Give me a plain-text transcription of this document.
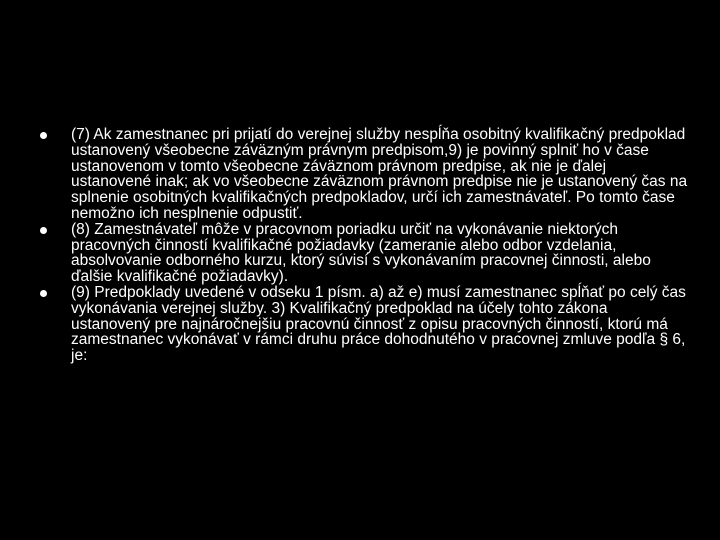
(7) Ak zamestnanec pri prijatí do verejnej služby nespĺňa osobitný kvalifikačný predpoklad ustanovený všeobecne záväzným právnym predpisom,9) je povinný splniť ho v čase ustanovenom v tomto všeobecne záväznom právnom predpise, ak nie je ďalej ustanovené inak; ak vo všeobecne záväznom právnom predpise nie je ustanovený čas na splnenie osobitných kvalifikačných predpokladov, určí ich zamestnávateľ. Po tomto čase nemožno ich nesplnenie odpustiť.
(8) Zamestnávateľ môže v pracovnom poriadku určiť na vykonávanie niektorých pracovných činností kvalifikačné požiadavky (zameranie alebo odbor vzdelania, absolvovanie odborného kurzu, ktorý súvisí s vykonávaním pracovnej činnosti, alebo ďalšie kvalifikačné požiadavky).
(9) Predpoklady uvedené v odseku 1 písm. a) až e) musí zamestnanec spĺňať po celý čas vykonávania verejnej služby. 3) Kvalifikačný predpoklad na účely tohto zákona ustanovený pre najnáročnejšiu pracovnú činnosť z opisu pracovných činností, ktorú má zamestnanec vykonávať v rámci druhu práce dohodnutého v pracovnej zmluve podľa § 6, je:
